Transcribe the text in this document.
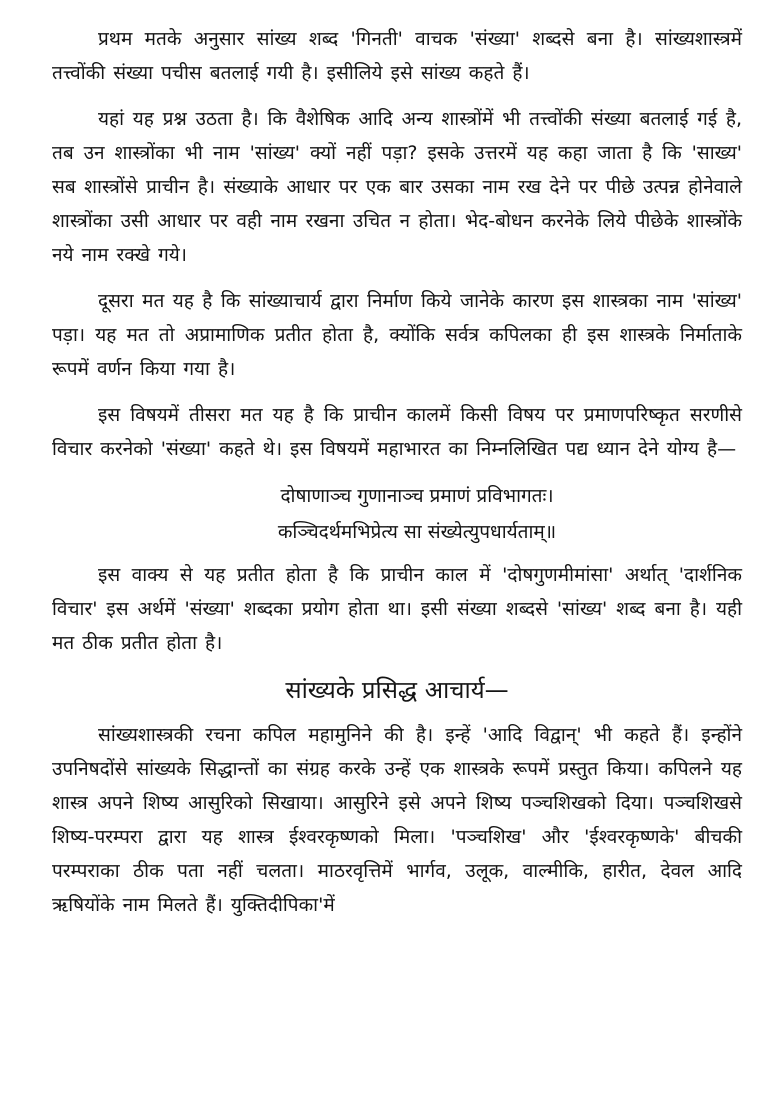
प्रथम मतके अनुसार सांख्य शब्द 'गिनती' वाचक 'संख्या' शब्दसे बना है। सांख्यशास्त्रमें तत्त्वोंकी संख्या पचीस बतलाई गयी है। इसीलिये इसे सांख्य कहते हैं।

यहां यह प्रश्न उठता है। कि वैशेषिक आदि अन्य शास्त्रोंमें भी तत्त्वोंकी संख्या बतलाई गई है, तब उन शास्त्रोंका भी नाम 'सांख्य' क्यों नहीं पड़ा? इसके उत्तरमें यह कहा जाता है कि 'साख्य' सब शास्त्रोंसे प्राचीन है। संख्याके आधार पर एक बार उसका नाम रख देने पर पीछे उत्पन्न होनेवाले शास्त्रोंका उसी आधार पर वही नाम रखना उचित न होता। भेद-बोधन करनेके लिये पीछेके शास्त्रोंके नये नाम रक्खे गये।

दूसरा मत यह है कि सांख्याचार्य द्वारा निर्माण किये जानेके कारण इस शास्त्रका नाम 'सांख्य' पड़ा। यह मत तो अप्रामाणिक प्रतीत होता है, क्योंकि सर्वत्र कपिलका ही इस शास्त्रके निर्माताके रूपमें वर्णन किया गया है।

इस विषयमें तीसरा मत यह है कि प्राचीन कालमें किसी विषय पर प्रमाणपरिष्कृत सरणीसे विचार करनेको 'संख्या' कहते थे। इस विषयमें महाभारत का निम्नलिखित पद्य ध्यान देने योग्य है—

दोषाणाञ्च गुणानाञ्च प्रमाणं प्रविभागतः।
कञ्चिदर्थमभिप्रेत्य सा संख्येत्युपधार्यताम्॥

इस वाक्य से यह प्रतीत होता है कि प्राचीन काल में 'दोषगुणमीमांसा' अर्थात् 'दार्शनिक विचार' इस अर्थमें 'संख्या' शब्दका प्रयोग होता था। इसी संख्या शब्दसे 'सांख्य' शब्द बना है। यही मत ठीक प्रतीत होता है।

सांख्यके प्रसिद्ध आचार्य—

सांख्यशास्त्रकी रचना कपिल महामुनिने की है। इन्हें 'आदि विद्वान्' भी कहते हैं। इन्होंने उपनिषदोंसे सांख्यके सिद्धान्तों का संग्रह करके उन्हें एक शास्त्रके रूपमें प्रस्तुत किया। कपिलने यह शास्त्र अपने शिष्य आसुरिको सिखाया। आसुरिने इसे अपने शिष्य पञ्चशिखको दिया। पञ्चशिखसे शिष्य-परम्परा द्वारा यह शास्त्र ईश्वरकृष्णको मिला। 'पञ्चशिख' और 'ईश्वरकृष्णके' बीचकी परम्पराका ठीक पता नहीं चलता। माठरवृत्तिमें भार्गव, उलूक, वाल्मीकि, हारीत, देवल आदि ऋषियोंके नाम मिलते हैं। युक्तिदीपिका'में
